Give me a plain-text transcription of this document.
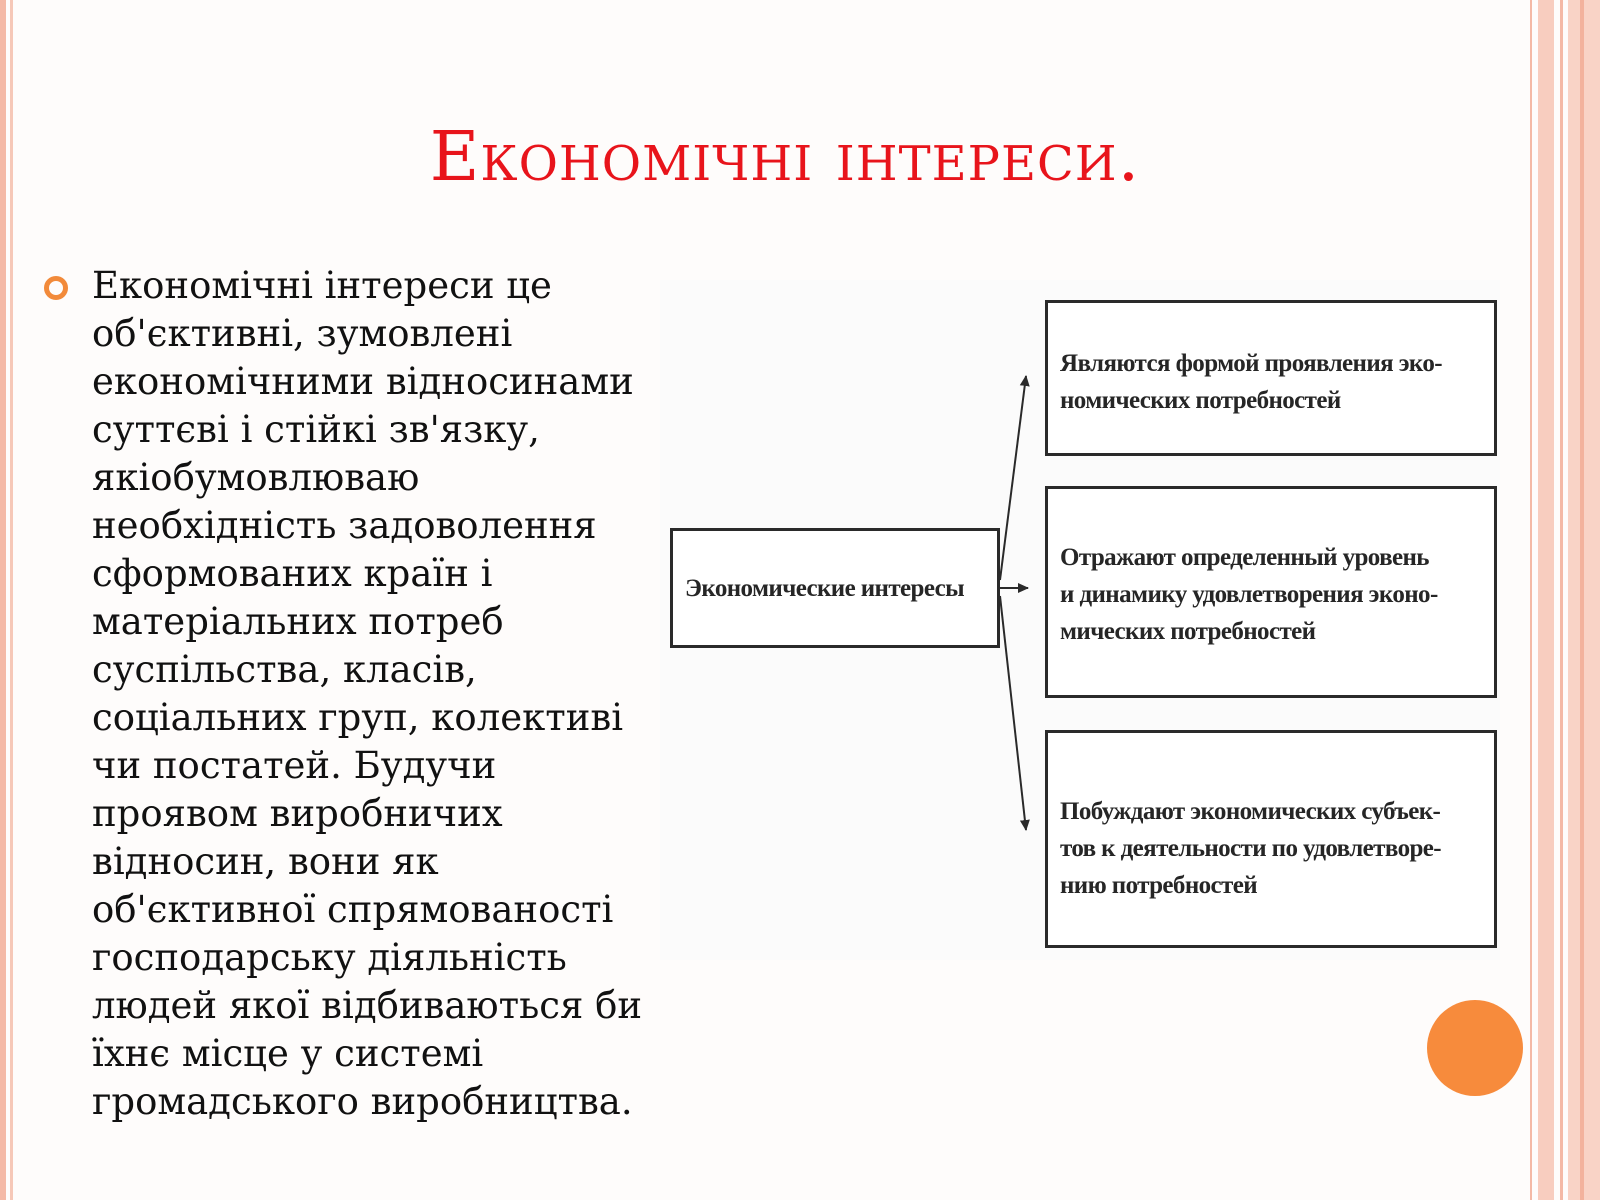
Економічні інтереси.
Економічні інтереси це
об'єктивні, зумовлені
економічними відносинами
суттєві і стійкі зв'язку,
якіобумовлюваю
необхідність задоволення
сформованих країн і
матеріальних потреб
суспільства, класів,
соціальних груп, колективі
чи постатей. Будучи
проявом виробничих
відносин, вони як
об'єктивної спрямованості
господарську діяльність
людей якої відбиваються би
їхнє місце у системі
громадського виробництва.
Экономические интересы
Являются формой проявления эко-
номических потребностей
Отражают определенный уровень
и динамику удовлетворения эконо-
мических потребностей
Побуждают экономических субъек-
тов к деятельности по удовлетворе-
нию потребностей
